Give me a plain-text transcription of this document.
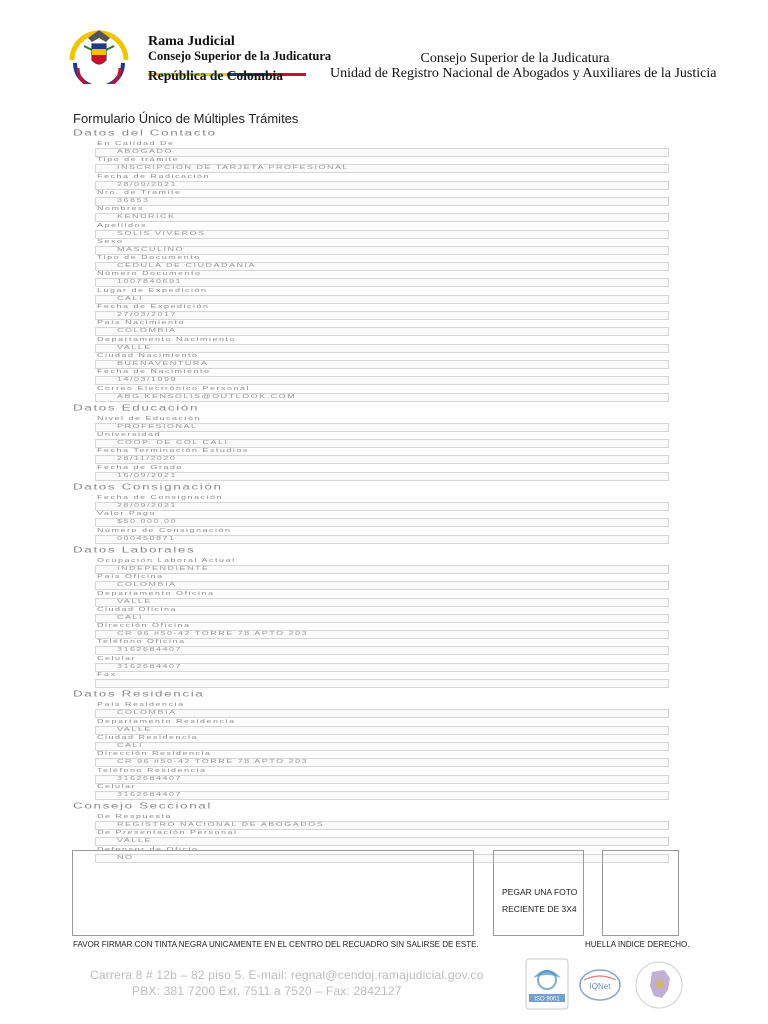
Rama Judicial
Consejo Superior de la Judicatura
República de Colombia
Consejo Superior de la Judicatura
Unidad de Registro Nacional de Abogados y Auxiliares de la Justicia
Formulario Único de Múltiples Trámites
Datos del Contacto
En Calidad De
ABOGADO
Tipo de trámite
INSCRIPCIÓN DE TARJETA PROFESIONAL
Fecha de Radicación
28/09/2021
Nro. de Tramite
36853
Nombres
KENDRICK
Apellidos
SOLIS VIVEROS
Sexo
MASCULINO
Tipo de Documento
CÉDULA DE CIUDADANÍA
Número Documento
1007840691
Lugar de Expedición
CALI
Fecha de Expedición
27/03/2017
País Nacimiento
COLOMBIA
Departamento Nacimiento
VALLE
Ciudad Nacimiento
BUENAVENTURA
Fecha de Nacimiento
14/03/1999
Correo Electrónico Personal
ABG.KENSOLIS@OUTLOOK.COM
Datos Educación
Nivel de Educación
PROFESIONAL
Universidad
COOP. DE COL CALI
Fecha Terminación Estudios
28/11/2020
Fecha de Grado
16/09/2021
Datos Consignación
Fecha de Consignación
28/09/2021
Valor Pago
$50.000,00
Número de Consignación
000450871
Datos Laborales
Ocupación Laboral Actual
INDEPENDIENTE
País Oficina
COLOMBIA
Departamento Oficina
VALLE
Ciudad Oficina
CALI
Dirección Oficina
CR 96 #50-42 TORRE 78 APTO 203
Teléfono Oficina
3162684407
Celular
3162684407
Fax
Datos Residencia
País Residencia
COLOMBIA
Departamento Residencia
VALLE
Ciudad Residencia
CALI
Dirección Residencia
CR 96 #50-42 TORRE 78 APTO 203
Teléfono Residencia
3162684407
Celular
3162684407
Consejo Seccional
De Respuesta
REGISTRO NACIONAL DE ABOGADOS
De Presentación Personal
VALLE
Defensor de Oficio
NO
PEGAR UNA FOTO
RECIENTE DE 3X4
FAVOR FIRMAR CON TINTA NEGRA UNICAMENTE EN EL CENTRO DEL RECUADRO SIN SALIRSE DE ESTE.	HUELLA INDICE DERECHO.
Carrera 8 # 12b – 82 piso 5. E-mail: regnal@cendoj.ramajudicial.gov.co
PBX: 381 7200 Ext. 7511 a 7520 – Fax: 2842127
ISO 9001
IQNet
